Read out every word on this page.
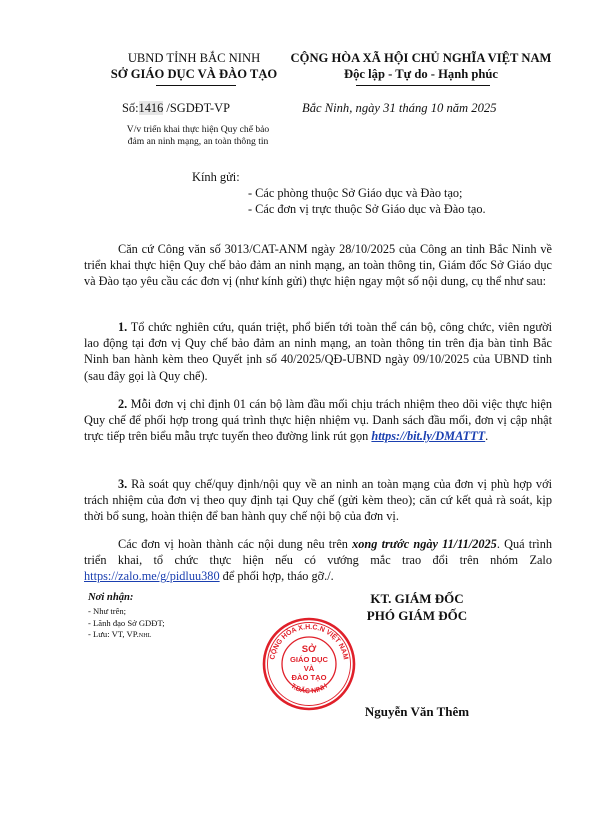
UBND TỈNH BẮC NINH
SỞ GIÁO DỤC VÀ ĐÀO TẠO
CỘNG HÒA XÃ HỘI CHỦ NGHĨA VIỆT NAM
Độc lập - Tự do - Hạnh phúc
Số:1416 /SGDĐT-VP	Bắc Ninh, ngày 31 tháng 10 năm 2025
V/v triển khai thực hiện Quy chế bảo
đảm an ninh mạng, an toàn thông tin
Kính gửi:
- Các phòng thuộc Sở Giáo dục và Đào tạo;
- Các đơn vị trực thuộc Sở Giáo dục và Đào tạo.
Căn cứ Công văn số 3013/CAT-ANM ngày 28/10/2025 của Công an tỉnh Bắc Ninh về triển khai thực hiện Quy chế bảo đảm an ninh mạng, an toàn thông tin, Giám đốc Sở Giáo dục và Đào tạo yêu cầu các đơn vị (như kính gửi) thực hiện ngay một số nội dung, cụ thể như sau:
1. Tổ chức nghiên cứu, quán triệt, phổ biến tới toàn thể cán bộ, công chức, viên người lao động tại đơn vị Quy chế bảo đảm an ninh mạng, an toàn thông tin trên địa bàn tỉnh Bắc Ninh ban hành kèm theo Quyết ịnh số 40/2025/QĐ-UBND ngày 09/10/2025 của UBND tỉnh (sau đây gọi là Quy chế).
2. Mỗi đơn vị chỉ định 01 cán bộ làm đầu mối chịu trách nhiệm theo dõi việc thực hiện Quy chế để phối hợp trong quá trình thực hiện nhiệm vụ. Danh sách đầu mối, đơn vị cập nhật trực tiếp trên biểu mẫu trực tuyến theo đường link rút gọn https://bit.ly/DMATTT.
3. Rà soát quy chế/quy định/nội quy về an ninh an toàn mạng của đơn vị phù hợp với trách nhiệm của đơn vị theo quy định tại Quy chế (gửi kèm theo); căn cứ kết quả rà soát, kịp thời bổ sung, hoàn thiện để ban hành quy chế nội bộ của đơn vị.
Các đơn vị hoàn thành các nội dung nêu trên xong trước ngày 11/11/2025. Quá trình triển khai, tổ chức thực hiện nếu có vướng mắc trao đổi trên nhóm Zalo https://zalo.me/g/pidluu380 để phối hợp, tháo gỡ./.
Nơi nhận:
- Như trên;
- Lãnh đạo Sở GDĐT;
- Lưu: VT, VP.NHL
KT. GIÁM ĐỐC
PHÓ GIÁM ĐỐC
CỘNG HÒA X.H.C.N VIỆT NAM
T.BẮC NINH
SỞ
GIÁO DỤC
VÀ
ĐÀO TẠO
Nguyễn Văn Thêm
